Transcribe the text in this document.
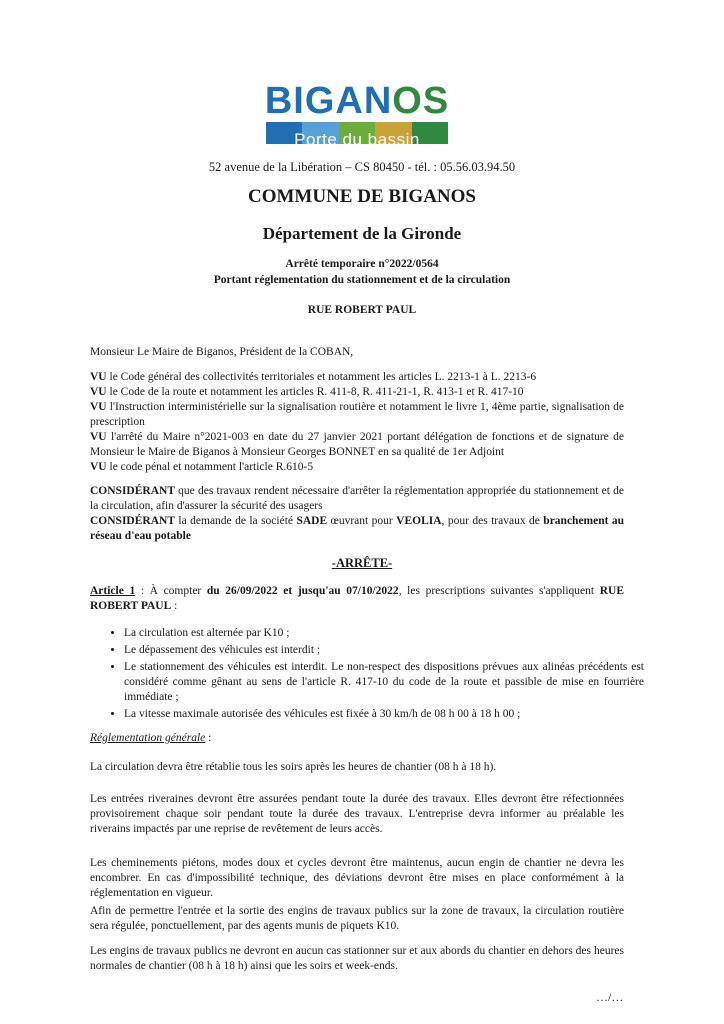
BIGANOS
Porte du bassin
52 avenue de la Libération – CS 80450 - tél. : 05.56.03.94.50
COMMUNE DE BIGANOS
Département de la Gironde
Arrêté temporaire n°2022/0564
Portant réglementation du stationnement et de la circulation
RUE ROBERT PAUL
Monsieur Le Maire de Biganos, Président de la COBAN,
VU le Code général des collectivités territoriales et notamment les articles L. 2213-1 à L. 2213-6
VU le Code de la route et notamment les articles R. 411-8, R. 411-21-1, R. 413-1 et R. 417-10
VU l'Instruction interministérielle sur la signalisation routière et notamment le livre 1, 4ème partie, signalisation de prescription
VU l'arrêté du Maire n°2021-003 en date du 27 janvier 2021 portant délégation de fonctions et de signature de Monsieur le Maire de Biganos à Monsieur Georges BONNET en sa qualité de 1er Adjoint
VU le code pénal et notamment l'article R.610-5
CONSIDÉRANT que des travaux rendent nécessaire d'arrêter la réglementation appropriée du stationnement et de la circulation, afin d'assurer la sécurité des usagers
CONSIDÉRANT la demande de la société SADE œuvrant pour VEOLIA, pour des travaux de branchement au réseau d'eau potable
-ARRÊTE-
Article 1 : À compter du 26/09/2022 et jusqu'au 07/10/2022, les prescriptions suivantes s'appliquent RUE ROBERT PAUL :
• La circulation est alternée par K10 ;
• Le dépassement des véhicules est interdit ;
• Le stationnement des véhicules est interdit. Le non-respect des dispositions prévues aux alinéas précédents est considéré comme gênant au sens de l'article R. 417-10 du code de la route et passible de mise en fourrière immédiate ;
• La vitesse maximale autorisée des véhicules est fixée à 30 km/h de 08 h 00 à 18 h 00 ;
Réglementation générale :
La circulation devra être rétablie tous les soirs après les heures de chantier (08 h à 18 h).
Les entrées riveraines devront être assurées pendant toute la durée des travaux. Elles devront être réfectionnées provisoirement chaque soir pendant toute la durée des travaux. L'entreprise devra informer au préalable les riverains impactés par une reprise de revêtement de leurs accès.
Les cheminements piétons, modes doux et cycles devront être maintenus, aucun engin de chantier ne devra les encombrer. En cas d'impossibilité technique, des déviations devront être mises en place conformément à la réglementation en vigueur.
Afin de permettre l'entrée et la sortie des engins de travaux publics sur la zone de travaux, la circulation routière sera régulée, ponctuellement, par des agents munis de piquets K10.
Les engins de travaux publics ne devront en aucun cas stationner sur et aux abords du chantier en dehors des heures normales de chantier (08 h à 18 h) ainsi que les soirs et week-ends.
…/…
